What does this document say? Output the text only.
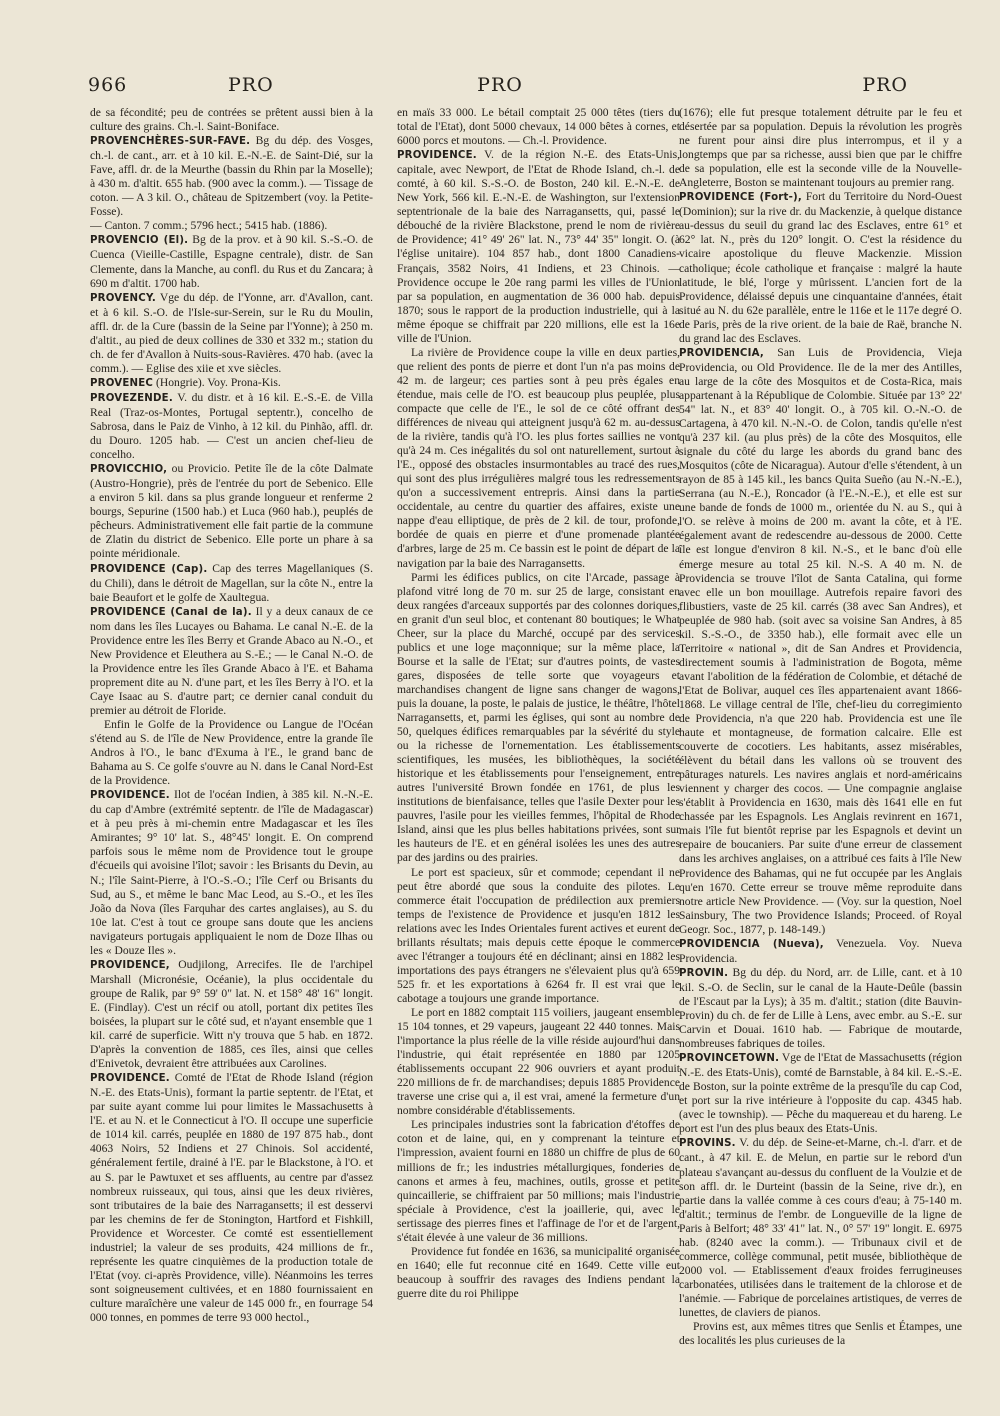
966	PRO	PRO	PRO

de sa fécondité; peu de contrées se prêtent aussi bien à la culture des grains. Ch.-l. Saint-Boniface.

PROVENCHÈRES-SUR-FAVE. Bg du dép. des Vosges, ch.-l. de cant., arr. et à 10 kil. E.-N.-E. de Saint-Dié, sur la Fave, affl. dr. de la Meurthe (bassin du Rhin par la Moselle); à 430 m. d'altit. 655 hab. (900 avec la comm.). — Tissage de coton. — A 3 kil. O., château de Spitzembert (voy. la Petite-Fosse).

— Canton. 7 comm.; 5796 hect.; 5415 hab. (1886).

PROVENCIO (El). Bg de la prov. et à 90 kil. S.-S.-O. de Cuenca (Vieille-Castille, Espagne centrale), distr. de San Clemente, dans la Manche, au confl. du Rus et du Zancara; à 690 m d'altit. 1700 hab.

PROVENCY. Vge du dép. de l'Yonne, arr. d'Avallon, cant. et à 6 kil. S.-O. de l'Isle-sur-Serein, sur le Ru du Moulin, affl. dr. de la Cure (bassin de la Seine par l'Yonne); à 250 m. d'altit., au pied de deux collines de 330 et 332 m.; station du ch. de fer d'Avallon à Nuits-sous-Ravières. 470 hab. (avec la comm.). — Eglise des xiie et xve siècles.

PROVENEC (Hongrie). Voy. Prona-Kis.

PROVEZENDE. V. du distr. et à 16 kil. E.-S.-E. de Villa Real (Traz-os-Montes, Portugal septentr.), concelho de Sabrosa, dans le Paiz de Vinho, à 12 kil. du Pinhão, affl. dr. du Douro. 1205 hab. — C'est un ancien chef-lieu de concelho.

PROVICCHIO, ou Provicio. Petite île de la côte Dalmate (Austro-Hongrie), près de l'entrée du port de Sebenico. Elle a environ 5 kil. dans sa plus grande longueur et renferme 2 bourgs, Sepurine (1500 hab.) et Luca (960 hab.), peuplés de pêcheurs. Administrativement elle fait partie de la commune de Zlatin du district de Sebenico. Elle porte un phare à sa pointe méridionale.

PROVIDENCE (Cap). Cap des terres Magellaniques (S. du Chili), dans le détroit de Magellan, sur la côte N., entre la baie Beaufort et le golfe de Xaultegua.

PROVIDENCE (Canal de la). Il y a deux canaux de ce nom dans les îles Lucayes ou Bahama. Le canal N.-E. de la Providence entre les îles Berry et Grande Abaco au N.-O., et New Providence et Eleuthera au S.-E.; — le Canal N.-O. de la Providence entre les îles Grande Abaco à l'E. et Bahama proprement dite au N. d'une part, et les îles Berry à l'O. et la Caye Isaac au S. d'autre part; ce dernier canal conduit du premier au détroit de Floride.

Enfin le Golfe de la Providence ou Langue de l'Océan s'étend au S. de l'île de New Providence, entre la grande île Andros à l'O., le banc d'Exuma à l'E., le grand banc de Bahama au S. Ce golfe s'ouvre au N. dans le Canal Nord-Est de la Providence.

PROVIDENCE. Ilot de l'océan Indien, à 385 kil. N.-N.-E. du cap d'Ambre (extrémité septentr. de l'île de Madagascar) et à peu près à mi-chemin entre Madagascar et les îles Amirantes; 9° 10' lat. S., 48°45' longit. E. On comprend parfois sous le même nom de Providence tout le groupe d'écueils qui avoisine l'îlot; savoir : les Brisants du Devin, au N.; l'île Saint-Pierre, à l'O.-S.-O.; l'île Cerf ou Brisants du Sud, au S., et même le banc Mac Leod, au S.-O., et les îles João da Nova (îles Farquhar des cartes anglaises), au S. du 10e lat. C'est à tout ce groupe sans doute que les anciens navigateurs portugais appliquaient le nom de Doze Ilhas ou les « Douze Iles ».

PROVIDENCE, Oudjilong, Arrecifes. Ile de l'archipel Marshall (Micronésie, Océanie), la plus occidentale du groupe de Ralik, par 9° 59' 0" lat. N. et 158° 48' 16" longit. E. (Findlay). C'est un récif ou atoll, portant dix petites îles boisées, la plupart sur le côté sud, et n'ayant ensemble que 1 kil. carré de superficie. Witt n'y trouva que 5 hab. en 1872. D'après la convention de 1885, ces îles, ainsi que celles d'Enivetok, devraient être attribuées aux Carolines.

PROVIDENCE. Comté de l'Etat de Rhode Island (région N.-E. des Etats-Unis), formant la partie septentr. de l'Etat, et par suite ayant comme lui pour limites le Massachusetts à l'E. et au N. et le Connecticut à l'O. Il occupe une superficie de 1014 kil. carrés, peuplée en 1880 de 197 875 hab., dont 4063 Noirs, 52 Indiens et 27 Chinois. Sol accidenté, généralement fertile, drainé à l'E. par le Blackstone, à l'O. et au S. par le Pawtuxet et ses affluents, au centre par d'assez nombreux ruisseaux, qui tous, ainsi que les deux rivières, sont tributaires de la baie des Narragansetts; il est desservi par les chemins de fer de Stonington, Hartford et Fishkill, Providence et Worcester. Ce comté est essentiellement industriel; la valeur de ses produits, 424 millions de fr., représente les quatre cinquièmes de la production totale de l'Etat (voy. ci-après Providence, ville). Néanmoins les terres sont soigneusement cultivées, et en 1880 fournissaient en culture maraîchère une valeur de 145 000 fr., en fourrage 54 000 tonnes, en pommes de terre 93 000 hectol.,

en maïs 33 000. Le bétail comptait 25 000 têtes (tiers du total de l'Etat), dont 5000 chevaux, 14 000 bêtes à cornes, et 6000 porcs et moutons. — Ch.-l. Providence.

PROVIDENCE. V. de la région N.-E. des Etats-Unis, capitale, avec Newport, de l'Etat de Rhode Island, ch.-l. de comté, à 60 kil. S.-S.-O. de Boston, 240 kil. E.-N.-E. de New York, 566 kil. E.-N.-E. de Washington, sur l'extension septentrionale de la baie des Narragansetts, qui, passé le débouché de la rivière Blackstone, prend le nom de rivière de Providence; 41° 49' 26" lat. N., 73° 44' 35" longit. O. (à l'église unitaire). 104 857 hab., dont 1800 Canadiens-Français, 3582 Noirs, 41 Indiens, et 23 Chinois. — Providence occupe le 20e rang parmi les villes de l'Union par sa population, en augmentation de 36 000 hab. depuis 1870; sous le rapport de la production industrielle, qui à la même époque se chiffrait par 220 millions, elle est la 16e ville de l'Union.

La rivière de Providence coupe la ville en deux parties, que relient des ponts de pierre et dont l'un n'a pas moins de 42 m. de largeur; ces parties sont à peu près égales en étendue, mais celle de l'O. est beaucoup plus peuplée, plus compacte que celle de l'E., le sol de ce côté offrant des différences de niveau qui atteignent jusqu'à 62 m. au-dessus de la rivière, tandis qu'à l'O. les plus fortes saillies ne vont qu'à 24 m. Ces inégalités du sol ont naturellement, surtout à l'E., opposé des obstacles insurmontables au tracé des rues, qui sont des plus irrégulières malgré tous les redressements qu'on a successivement entrepris. Ainsi dans la partie occidentale, au centre du quartier des affaires, existe une nappe d'eau elliptique, de près de 2 kil. de tour, profonde, bordée de quais en pierre et d'une promenade plantée d'arbres, large de 25 m. Ce bassin est le point de départ de la navigation par la baie des Narragansetts.

Parmi les édifices publics, on cite l'Arcade, passage à plafond vitré long de 70 m. sur 25 de large, consistant en deux rangées d'arceaux supportés par des colonnes doriques, en granit d'un seul bloc, et contenant 80 boutiques; le What Cheer, sur la place du Marché, occupé par des services publics et une loge maçonnique; sur la même place, la Bourse et la salle de l'Etat; sur d'autres points, de vastes gares, disposées de telle sorte que voyageurs et marchandises changent de ligne sans changer de wagons, puis la douane, la poste, le palais de justice, le théâtre, l'hôtel Narragansetts, et, parmi les églises, qui sont au nombre de 50, quelques édifices remarquables par la sévérité du style ou la richesse de l'ornementation. Les établissements scientifiques, les musées, les bibliothèques, la société historique et les établissements pour l'enseignement, entre autres l'université Brown fondée en 1761, de plus les institutions de bienfaisance, telles que l'asile Dexter pour les pauvres, l'asile pour les vieilles femmes, l'hôpital de Rhode Island, ainsi que les plus belles habitations privées, sont sur les hauteurs de l'E. et en général isolées les unes des autres par des jardins ou des prairies.

Le port est spacieux, sûr et commode; cependant il ne peut être abordé que sous la conduite des pilotes. Le commerce était l'occupation de prédilection aux premiers temps de l'existence de Providence et jusqu'en 1812 les relations avec les Indes Orientales furent actives et eurent de brillants résultats; mais depuis cette époque le commerce avec l'étranger a toujours été en déclinant; ainsi en 1882 les importations des pays étrangers ne s'élevaient plus qu'à 659 525 fr. et les exportations à 6264 fr. Il est vrai que le cabotage a toujours une grande importance.

Le port en 1882 comptait 115 voiliers, jaugeant ensemble 15 104 tonnes, et 29 vapeurs, jaugeant 22 440 tonnes. Mais l'importance la plus réelle de la ville réside aujourd'hui dans l'industrie, qui était représentée en 1880 par 1205 établissements occupant 22 906 ouvriers et ayant produit 220 millions de fr. de marchandises; depuis 1885 Providence traverse une crise qui a, il est vrai, amené la fermeture d'un nombre considérable d'établissements.

Les principales industries sont la fabrication d'étoffes de coton et de laine, qui, en y comprenant la teinture et l'impression, avaient fourni en 1880 un chiffre de plus de 60 millions de fr.; les industries métallurgiques, fonderies de canons et armes à feu, machines, outils, grosse et petite quincaillerie, se chiffraient par 50 millions; mais l'industrie spéciale à Providence, c'est la joaillerie, qui, avec le sertissage des pierres fines et l'affinage de l'or et de l'argent, s'était élevée à une valeur de 36 millions.

Providence fut fondée en 1636, sa municipalité organisée en 1640; elle fut reconnue cité en 1649. Cette ville eut beaucoup à souffrir des ravages des Indiens pendant la guerre dite du roi Philippe

(1676); elle fut presque totalement détruite par le feu et désertée par sa population. Depuis la révolution les progrès ne furent pour ainsi dire plus interrompus, et il y a longtemps que par sa richesse, aussi bien que par le chiffre de sa population, elle est la seconde ville de la Nouvelle-Angleterre, Boston se maintenant toujours au premier rang.

PROVIDENCE (Fort-), Fort du Territoire du Nord-Ouest (Dominion); sur la rive dr. du Mackenzie, à quelque distance au-dessus du seuil du grand lac des Esclaves, entre 61° et 62° lat. N., près du 120° longit. O. C'est la résidence du vicaire apostolique du fleuve Mackenzie. Mission catholique; école catholique et française : malgré la haute latitude, le blé, l'orge y mûrissent. L'ancien fort de la Providence, délaissé depuis une cinquantaine d'années, était situé au N. du 62e parallèle, entre le 116e et le 117e degré O. de Paris, près de la rive orient. de la baie de Raë, branche N. du grand lac des Esclaves.

PROVIDENCIA, San Luis de Providencia, Vieja Providencia, ou Old Providence. Ile de la mer des Antilles, au large de la côte des Mosquitos et de Costa-Rica, mais appartenant à la République de Colombie. Située par 13° 22' 54" lat. N., et 83° 40' longit. O., à 705 kil. O.-N.-O. de Cartagena, à 470 kil. N.-N.-O. de Colon, tandis qu'elle n'est qu'à 237 kil. (au plus près) de la côte des Mosquitos, elle signale du côté du large les abords du grand banc des Mosquitos (côte de Nicaragua). Autour d'elle s'étendent, à un rayon de 85 à 145 kil., les bancs Quita Sueño (au N.-N.-E.), Serrana (au N.-E.), Roncador (à l'E.-N.-E.), et elle est sur une bande de fonds de 1000 m., orientée du N. au S., qui à l'O. se relève à moins de 200 m. avant la côte, et à l'E. également avant de redescendre au-dessous de 2000. Cette île est longue d'environ 8 kil. N.-S., et le banc d'où elle émerge mesure au total 25 kil. N.-S. A 40 m. N. de Providencia se trouve l'îlot de Santa Catalina, qui forme avec elle un bon mouillage. Autrefois repaire favori des flibustiers, vaste de 25 kil. carrés (38 avec San Andres), et peuplée de 980 hab. (soit avec sa voisine San Andres, à 85 kil. S.-S.-O., de 3350 hab.), elle formait avec elle un Territoire « national », dit de San Andres et Providencia, directement soumis à l'administration de Bogota, même avant l'abolition de la fédération de Colombie, et détaché de l'Etat de Bolivar, auquel ces îles appartenaient avant 1866-1868. Le village central de l'île, chef-lieu du corregimiento de Providencia, n'a que 220 hab. Providencia est une île haute et montagneuse, de formation calcaire. Elle est couverte de cocotiers. Les habitants, assez misérables, élèvent du bétail dans les vallons où se trouvent des pâturages naturels. Les navires anglais et nord-américains viennent y charger des cocos. — Une compagnie anglaise s'établit à Providencia en 1630, mais dès 1641 elle en fut chassée par les Espagnols. Les Anglais revinrent en 1671, mais l'île fut bientôt reprise par les Espagnols et devint un repaire de boucaniers. Par suite d'une erreur de classement dans les archives anglaises, on a attribué ces faits à l'île New Providence des Bahamas, qui ne fut occupée par les Anglais qu'en 1670. Cette erreur se trouve même reproduite dans notre article New Providence. — (Voy. sur la question, Noel Sainsbury, The two Providence Islands; Proceed. of Royal Geogr. Soc., 1877, p. 148-149.)

PROVIDENCIA (Nueva), Venezuela. Voy. Nueva Providencia.

PROVIN. Bg du dép. du Nord, arr. de Lille, cant. et à 10 kil. S.-O. de Seclin, sur le canal de la Haute-Deûle (bassin de l'Escaut par la Lys); à 35 m. d'altit.; station (dite Bauvin-Provin) du ch. de fer de Lille à Lens, avec embr. au S.-E. sur Carvin et Douai. 1610 hab. — Fabrique de moutarde, nombreuses fabriques de toiles.

PROVINCETOWN. Vge de l'Etat de Massachusetts (région N.-E. des Etats-Unis), comté de Barnstable, à 84 kil. E.-S.-E. de Boston, sur la pointe extrême de la presqu'île du cap Cod, et port sur la rive intérieure à l'opposite du cap. 4345 hab. (avec le township). — Pêche du maquereau et du hareng. Le port est l'un des plus beaux des Etats-Unis.

PROVINS. V. du dép. de Seine-et-Marne, ch.-l. d'arr. et de cant., à 47 kil. E. de Melun, en partie sur le rebord d'un plateau s'avançant au-dessus du confluent de la Voulzie et de son affl. dr. le Durteint (bassin de la Seine, rive dr.), en partie dans la vallée comme à ces cours d'eau; à 75-140 m. d'altit.; terminus de l'embr. de Longueville de la ligne de Paris à Belfort; 48° 33' 41" lat. N., 0° 57' 19" longit. E. 6975 hab. (8240 avec la comm.). — Tribunaux civil et de commerce, collège communal, petit musée, bibliothèque de 2000 vol. — Etablissement d'eaux froides ferrugineuses carbonatées, utilisées dans le traitement de la chlorose et de l'anémie. — Fabrique de porcelaines artistiques, de verres de lunettes, de claviers de pianos.

Provins est, aux mêmes titres que Senlis et Étampes, une des localités les plus curieuses de la
